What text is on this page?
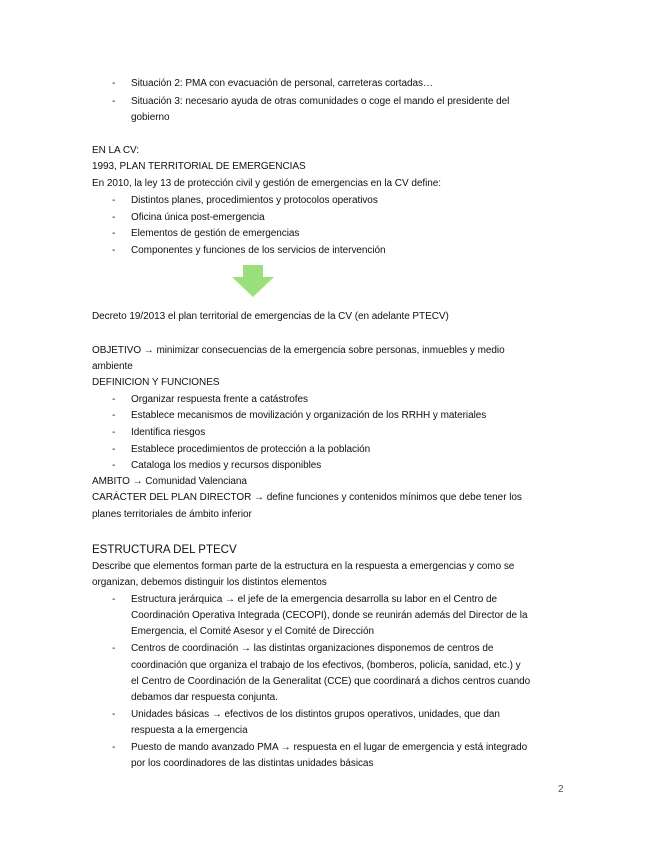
- Situación 2: PMA con evacuación de personal, carreteras cortadas…
- Situación 3: necesario ayuda de otras comunidades o coge el mando el presidente del
gobierno
EN LA CV:
1993, PLAN TERRITORIAL DE EMERGENCIAS
En 2010, la ley 13 de protección civil y gestión de emergencias en la CV define:
- Distintos planes, procedimientos y protocolos operativos
- Oficina única post-emergencia
- Elementos de gestión de emergencias
- Componentes y funciones de los servicios de intervención
Decreto 19/2013 el plan territorial de emergencias de la CV (en adelante PTECV)
OBJETIVO → minimizar consecuencias de la emergencia sobre personas, inmuebles y medio
ambiente
DEFINICION Y FUNCIONES
- Organizar respuesta frente a catástrofes
- Establece mecanismos de movilización y organización de los RRHH y materiales
- Identifica riesgos
- Establece procedimientos de protección a la población
- Cataloga los medios y recursos disponibles
AMBITO → Comunidad Valenciana
CARÁCTER DEL PLAN DIRECTOR → define funciones y contenidos mínimos que debe tener los
planes territoriales de ámbito inferior
ESTRUCTURA DEL PTECV
Describe que elementos forman parte de la estructura en la respuesta a emergencias y como se
organizan, debemos distinguir los distintos elementos
- Estructura jerárquica → el jefe de la emergencia desarrolla su labor en el Centro de
Coordinación Operativa Integrada (CECOPI), donde se reunirán además del Director de la
Emergencia, el Comité Asesor y el Comité de Dirección
- Centros de coordinación → las distintas organizaciones disponemos de centros de
coordinación que organiza el trabajo de los efectivos, (bomberos, policía, sanidad, etc.) y
el Centro de Coordinación de la Generalitat (CCE) que coordinará a dichos centros cuando
debamos dar respuesta conjunta.
- Unidades básicas → efectivos de los distintos grupos operativos, unidades, que dan
respuesta a la emergencia
- Puesto de mando avanzado PMA → respuesta en el lugar de emergencia y está integrado
por los coordinadores de las distintas unidades básicas
2
